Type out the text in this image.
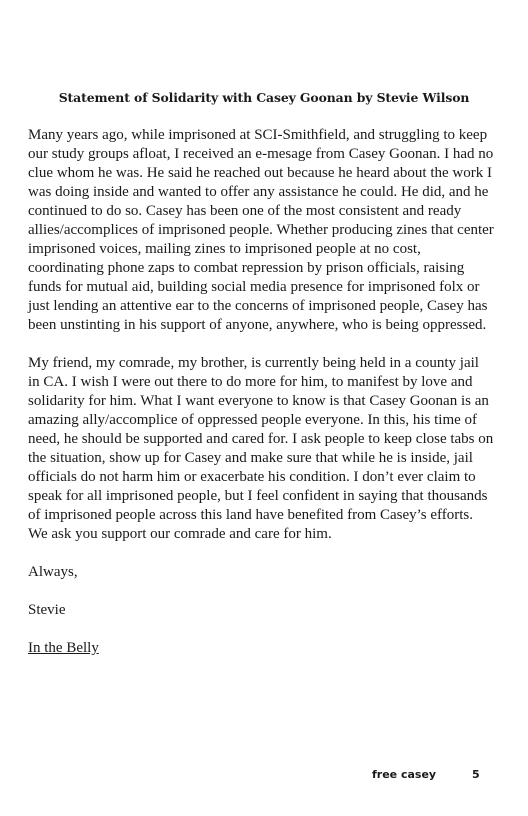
Statement of Solidarity with Casey Goonan by Stevie Wilson

Many years ago, while imprisoned at SCI-Smithfield, and struggling to keep our study groups afloat, I received an e-mesage from Casey Goonan. I had no clue whom he was. He said he reached out because he heard about the work I was doing inside and wanted to offer any assistance he could. He did, and he continued to do so. Casey has been one of the most consistent and ready allies/accomplices of imprisoned people. Whether producing zines that center imprisoned voices, mailing zines to imprisoned people at no cost, coordinating phone zaps to combat repression by prison officials, raising funds for mutual aid, building social media presence for imprisoned folx or just lending an attentive ear to the concerns of imprisoned people, Casey has been unstinting in his support of anyone, anywhere, who is being oppressed.

My friend, my comrade, my brother, is currently being held in a county jail in CA. I wish I were out there to do more for him, to manifest by love and solidarity for him. What I want everyone to know is that Casey Goonan is an amazing ally/accomplice of oppressed people everyone. In this, his time of need, he should be supported and cared for. I ask people to keep close tabs on the situation, show up for Casey and make sure that while he is inside, jail officials do not harm him or exacerbate his condition. I don’t ever claim to speak for all imprisoned people, but I feel confident in saying that thousands of imprisoned people across this land have benefited from Casey’s efforts. We ask you support our comrade and care for him.

Always,

Stevie

In the Belly

free casey	5
